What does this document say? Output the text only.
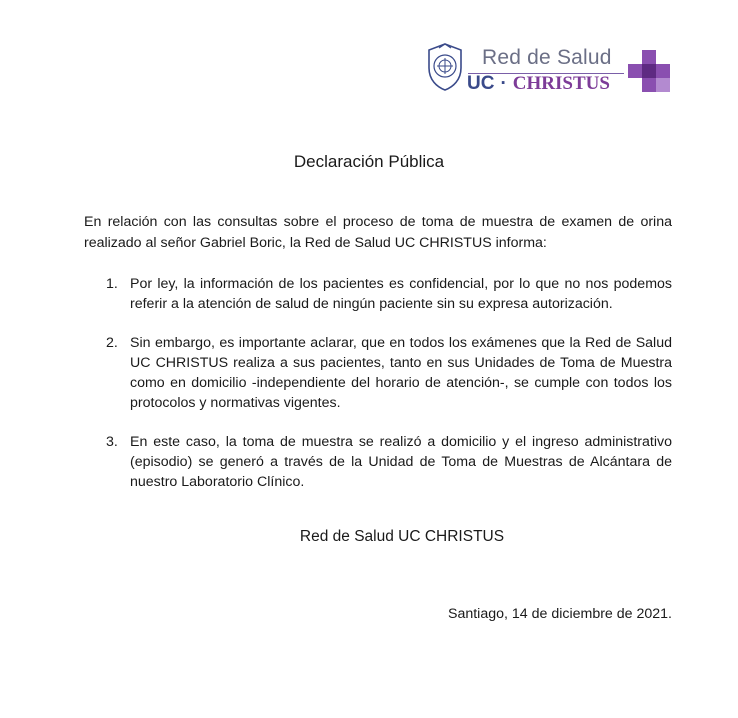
Red de Salud
UC · CHRISTUS
Declaración Pública

En relación con las consultas sobre el proceso de toma de muestra de examen de orina realizado al señor Gabriel Boric, la Red de Salud UC CHRISTUS informa:

1. Por ley, la información de los pacientes es confidencial, por lo que no nos podemos referir a la atención de salud de ningún paciente sin su expresa autorización.
2. Sin embargo, es importante aclarar, que en todos los exámenes que la Red de Salud UC CHRISTUS realiza a sus pacientes, tanto en sus Unidades de Toma de Muestra como en domicilio -independiente del horario de atención-, se cumple con todos los protocolos y normativas vigentes.
3. En este caso, la toma de muestra se realizó a domicilio y el ingreso administrativo (episodio) se generó a través de la Unidad de Toma de Muestras de Alcántara de nuestro Laboratorio Clínico.
Red de Salud UC CHRISTUS
Santiago, 14 de diciembre de 2021.
